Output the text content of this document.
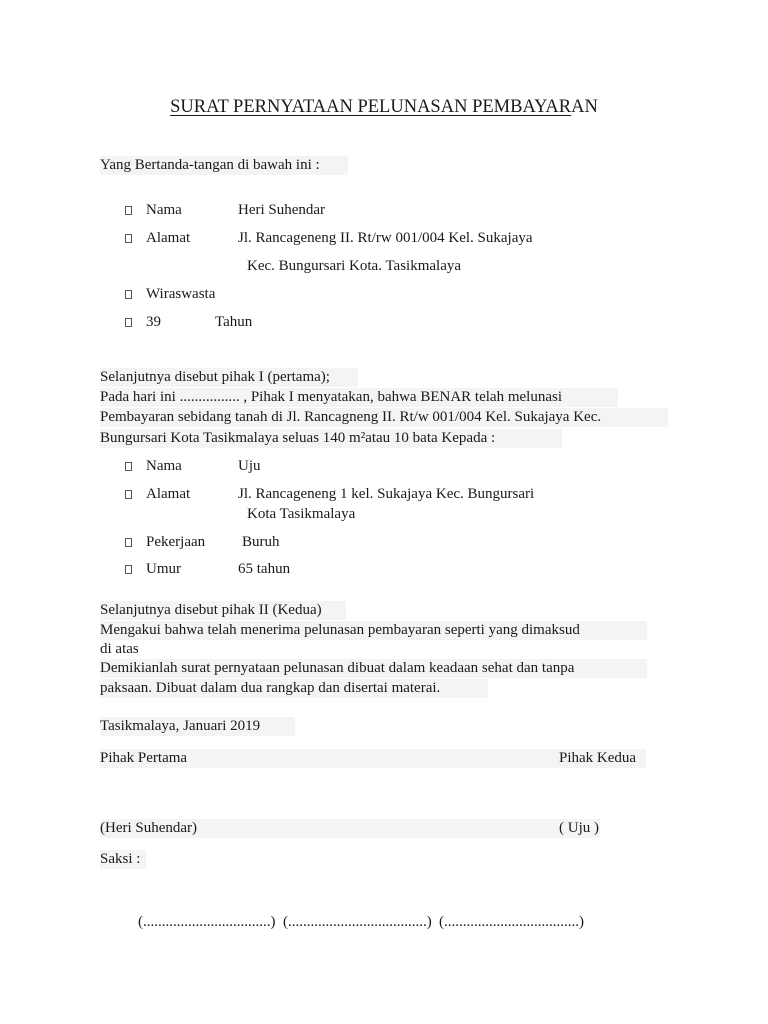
SURAT PERNYATAAN PELUNASAN PEMBAYARAN
Yang Bertanda-tangan di bawah ini :
Nama	Heri Suhendar
Alamat	Jl. Rancageneng II. Rt/rw 001/004 Kel. Sukajaya
Kec. Bungursari Kota. Tasikmalaya
Wiraswasta
39	Tahun
Selanjutnya disebut pihak I (pertama);
Pada hari ini ................ , Pihak I menyatakan, bahwa BENAR telah melunasi
Pembayaran sebidang tanah di Jl. Rancagneng II. Rt/w 001/004 Kel. Sukajaya Kec.
Bungursari Kota Tasikmalaya seluas 140 m²atau 10 bata Kepada :
Nama	Uju
Alamat	Jl. Rancageneng 1 kel. Sukajaya Kec. Bungursari
Kota Tasikmalaya
Pekerjaan Buruh
Umur	65 tahun
Selanjutnya disebut pihak II (Kedua)
Mengakui bahwa telah menerima pelunasan pembayaran seperti yang dimaksud
di atas
Demikianlah surat pernyataan pelunasan dibuat dalam keadaan sehat dan tanpa
paksaan. Dibuat dalam dua rangkap dan disertai materai.
Tasikmalaya, Januari 2019
Pihak Pertama	Pihak Kedua
(Heri Suhendar)	( Uju )
Saksi :
(..................................) (.....................................) (....................................)
